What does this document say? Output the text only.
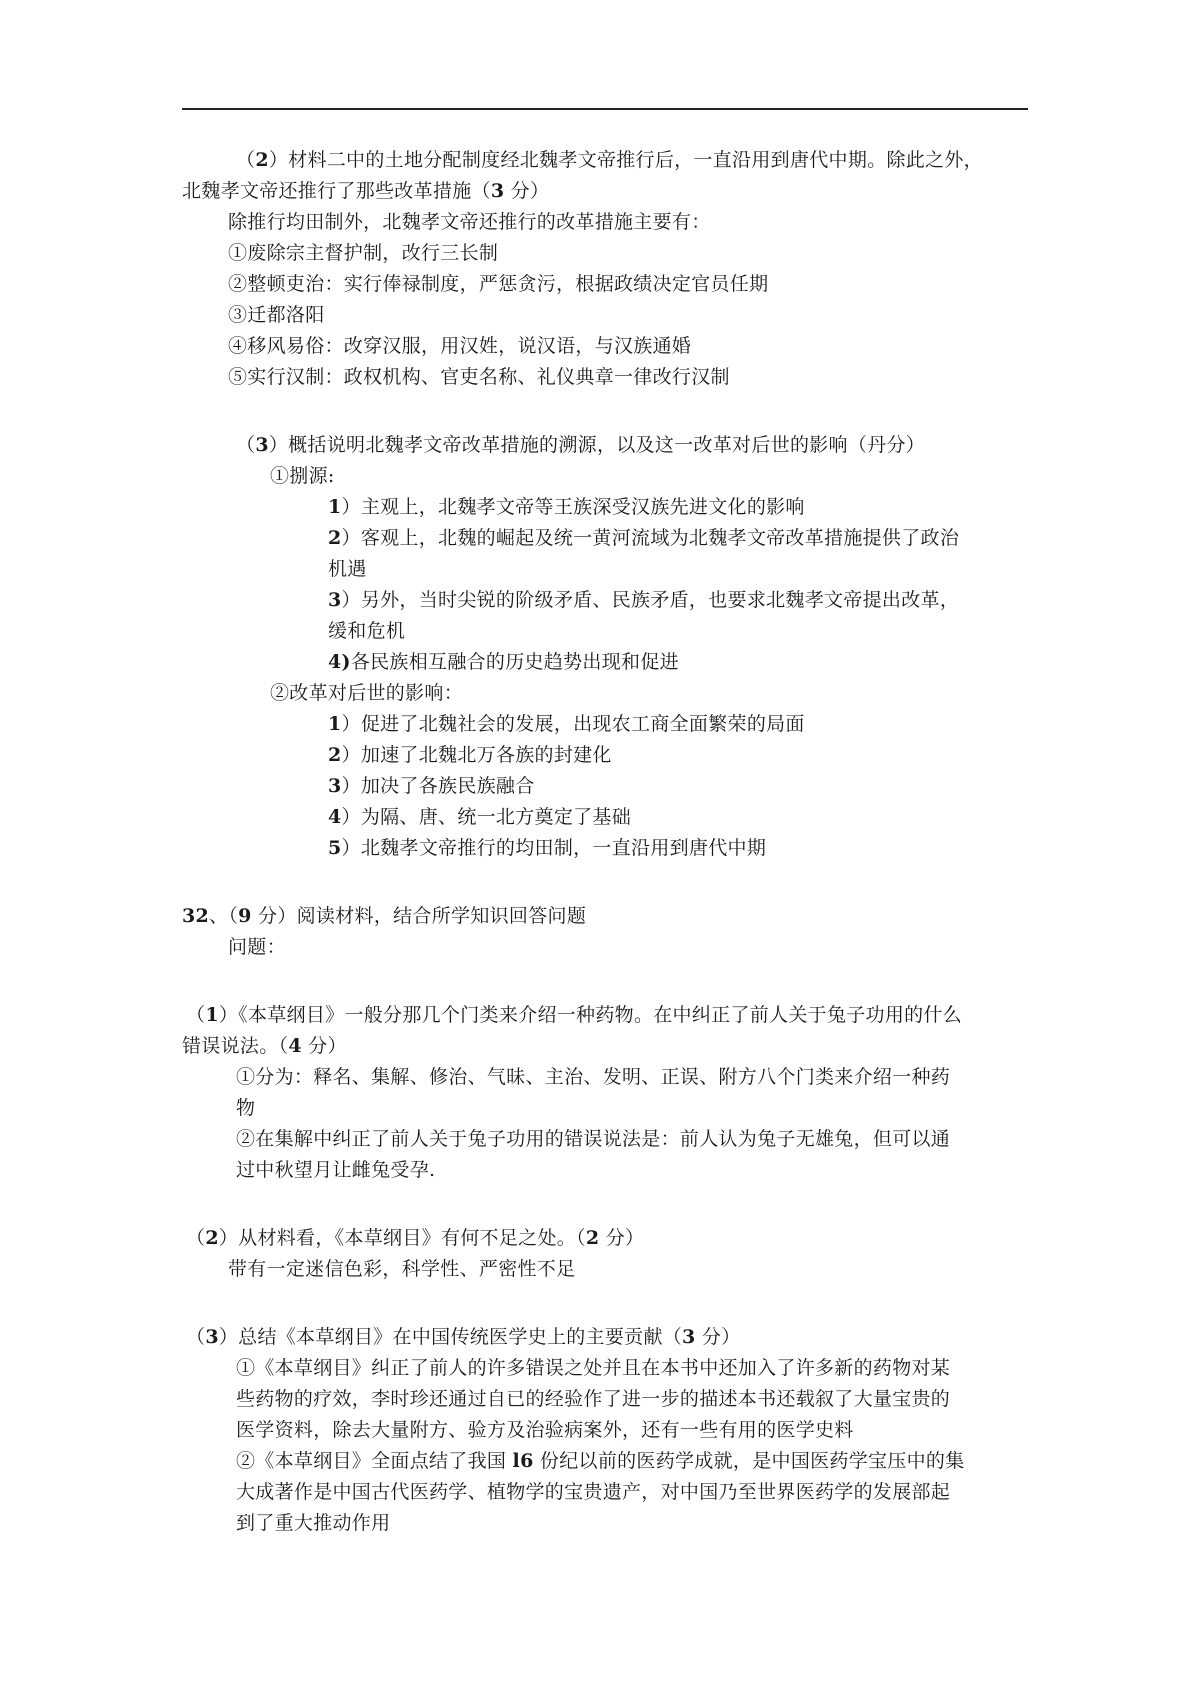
（2）材料二中的土地分配制度经北魏孝文帝推行后，一直沿用到唐代中期。除此之外，
北魏孝文帝还推行了那些改革措施（3 分）
除推行均田制外，北魏孝文帝还推行的改革措施主要有：
①废除宗主督护制，改行三长制
②整顿吏治：实行俸禄制度，严惩贪污，根据政绩决定官员任期
③迁都洛阳
④移风易俗：改穿汉服，用汉姓，说汉语，与汉族通婚
⑤实行汉制：政权机构、官吏名称、礼仪典章一律改行汉制
（3）概括说明北魏孝文帝改革措施的溯源，以及这一改革对后世的影响（丹分）
①捌源:
1）主观上，北魏孝文帝等王族深受汉族先进文化的影响
2）客观上，北魏的崛起及统一黄河流域为北魏孝文帝改革措施提供了政治
机遇
3）另外，当时尖锐的阶级矛盾、民族矛盾，也要求北魏孝文帝提出改革，
缓和危机
4)各民族相互融合的历史趋势出现和促进
②改革对后世的影响：
1）促进了北魏社会的发展，出现农工商全面繁荣的局面
2）加速了北魏北万各族的封建化
3）加决了各族民族融合
4）为隔、唐、统一北方奠定了基础
5）北魏孝文帝推行的均田制，一直沿用到唐代中期
32、（9 分）阅读材料，结合所学知识回答问题
问题：
（1）《本草纲目》一般分那几个门类来介绍一种药物。在中纠正了前人关于兔子功用的什么
错误说法。（4 分）
①分为：释名、集解、修治、气昧、主治、发明、正误、附方八个门类来介绍一种药
物
②在集解中纠正了前人关于兔子功用的错误说法是：前人认为兔子无雄兔，但可以通
过中秋望月让雌兔受孕.
（2）从材料看，《本草纲目》有何不足之处。（2 分）
带有一定迷信色彩，科学性、严密性不足
（3）总结《本草纲目》在中国传统医学史上的主要贡献（3 分）
①《本草纲目》纠正了前人的许多错误之处并且在本书中还加入了许多新的药物对某
些药物的疗效，李时珍还通过自已的经验作了进一步的描述本书还载叙了大量宝贵的
医学资料，除去大量附方、验方及治验病案外，还有一些有用的医学史料
②《本草纲目》全面点结了我国 l6 份纪以前的医药学成就，是中国医药学宝压中的集
大成著作是中国古代医药学、植物学的宝贵遗产，对中国乃至世界医药学的发展部起
到了重大推动作用
